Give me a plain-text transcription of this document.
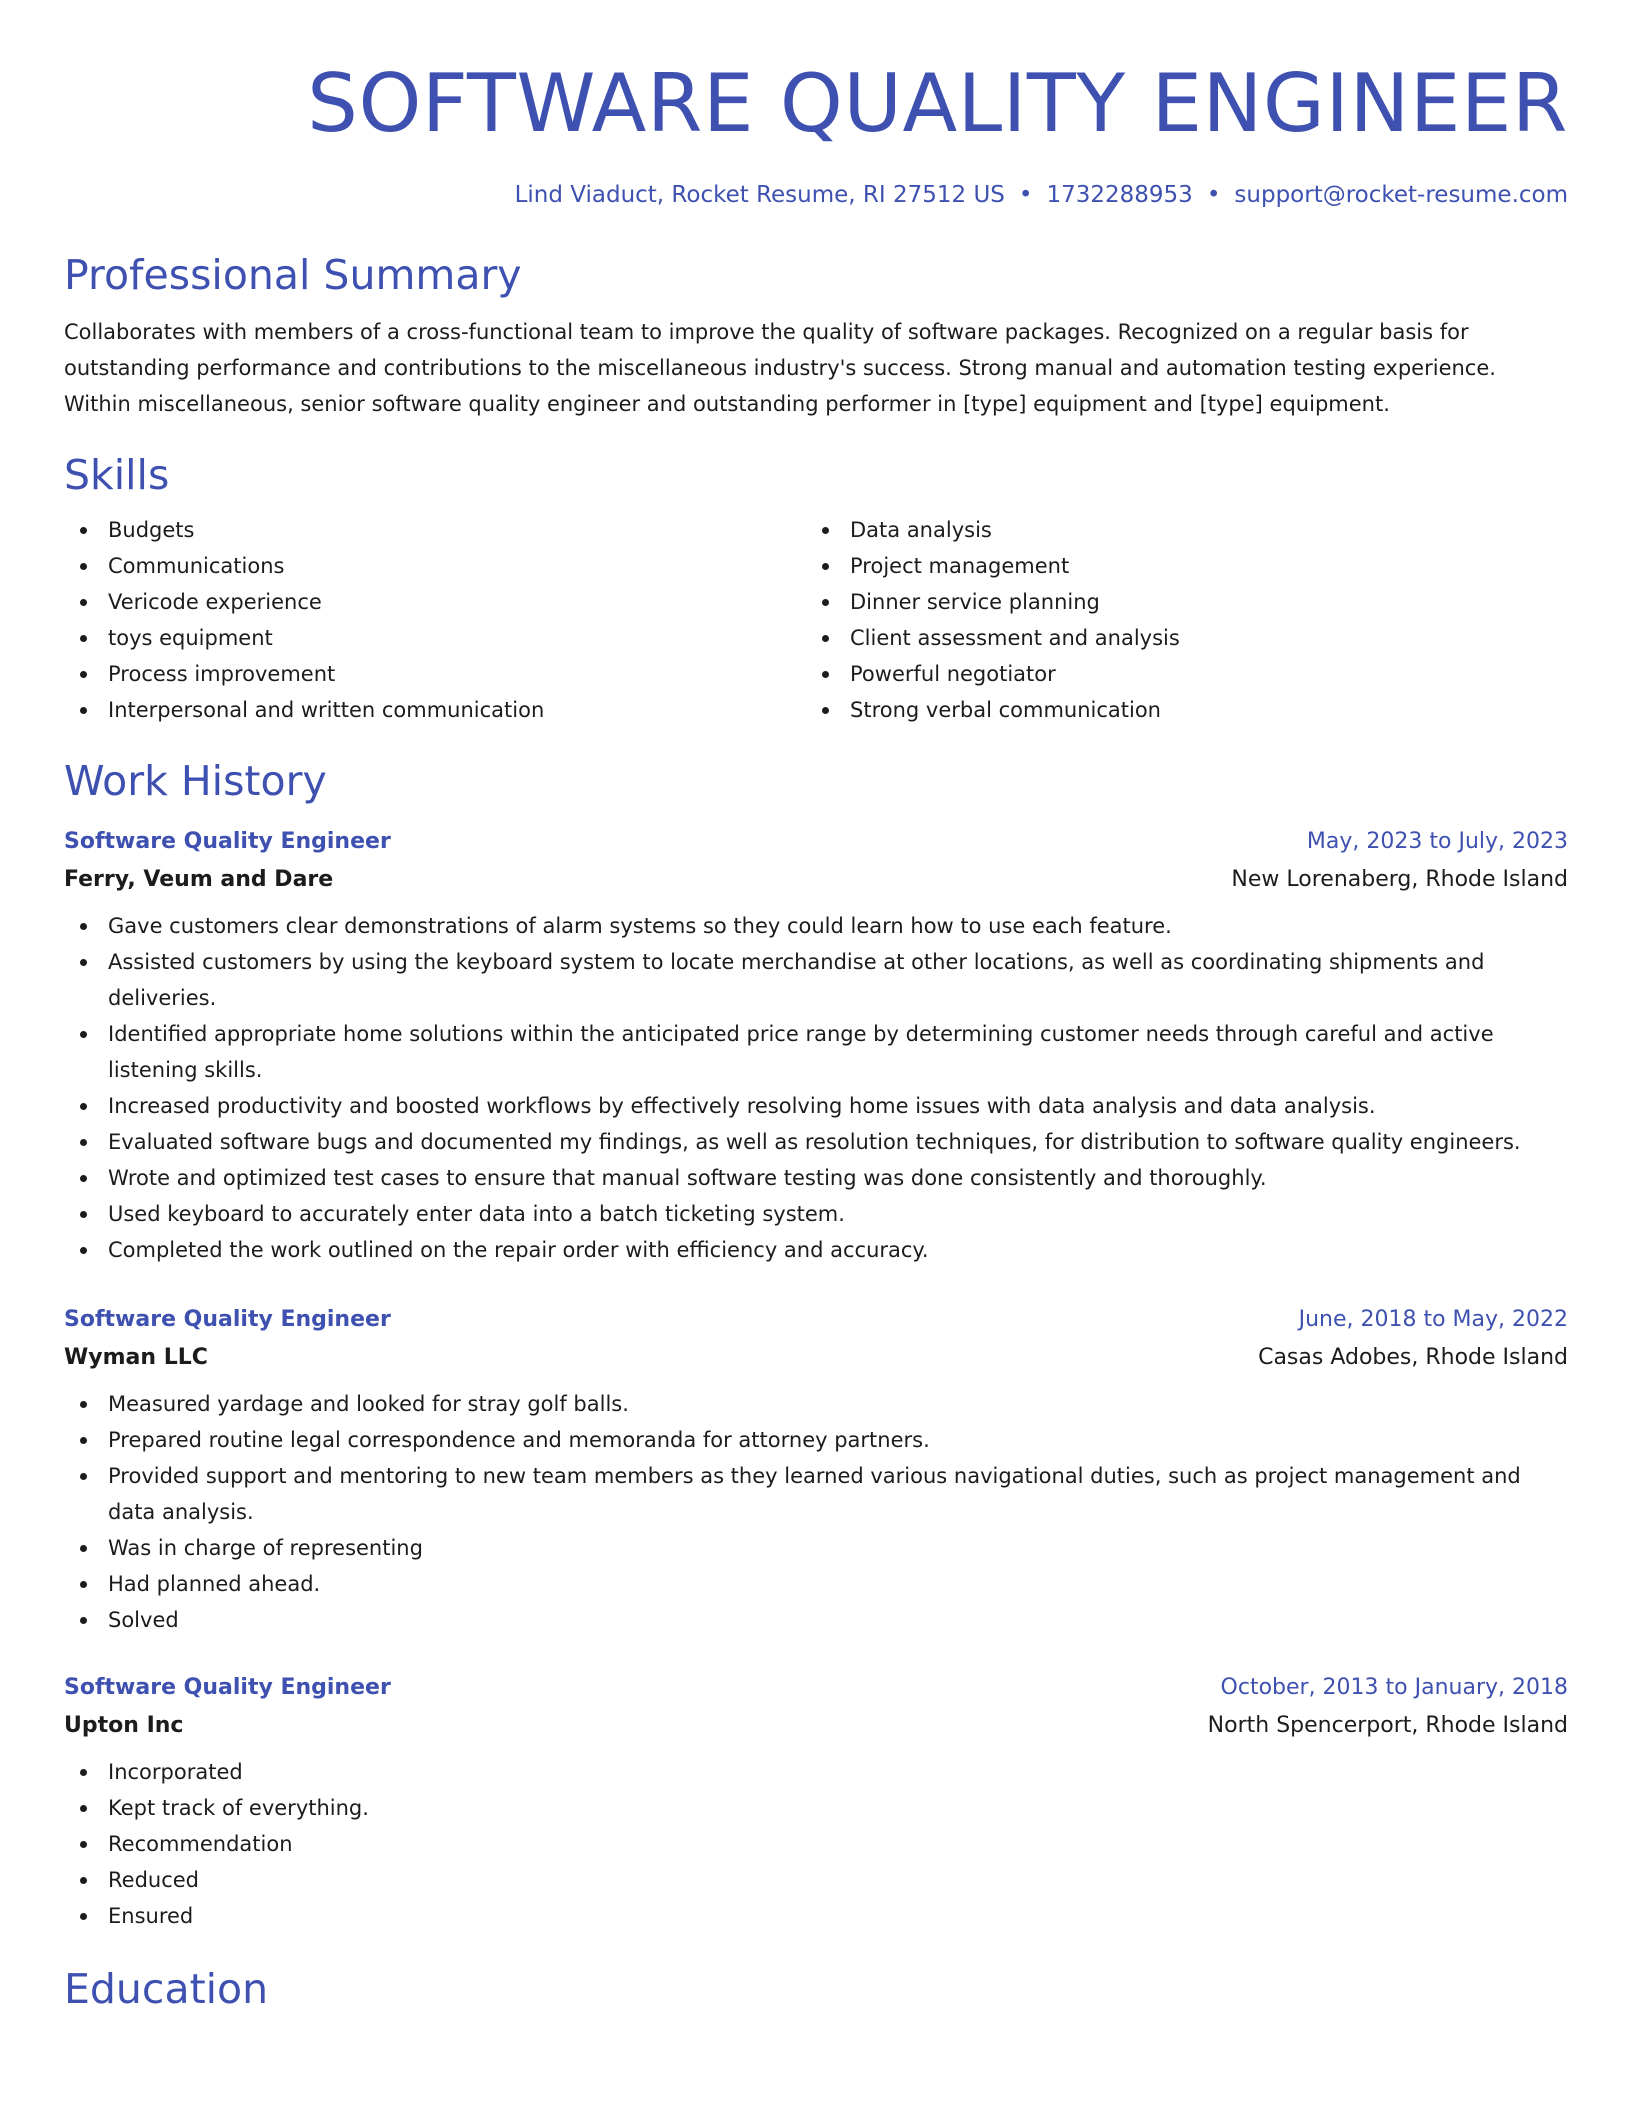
SOFTWARE QUALITY ENGINEER
Lind Viaduct, Rocket Resume, RI 27512 US • 1732288953 • support@rocket-resume.com
Professional Summary
Collaborates with members of a cross-functional team to improve the quality of software packages. Recognized on a regular basis for outstanding performance and contributions to the miscellaneous industry's success. Strong manual and automation testing experience. Within miscellaneous, senior software quality engineer and outstanding performer in [type] equipment and [type] equipment.
Skills
Budgets
Communications
Vericode experience
toys equipment
Process improvement
Interpersonal and written communication
Data analysis
Project management
Dinner service planning
Client assessment and analysis
Powerful negotiator
Strong verbal communication
Work History
Software Quality Engineer	May, 2023 to July, 2023
Ferry, Veum and Dare	New Lorenaberg, Rhode Island
Gave customers clear demonstrations of alarm systems so they could learn how to use each feature.
Assisted customers by using the keyboard system to locate merchandise at other locations, as well as coordinating shipments and deliveries.
Identified appropriate home solutions within the anticipated price range by determining customer needs through careful and active listening skills.
Increased productivity and boosted workflows by effectively resolving home issues with data analysis and data analysis.
Evaluated software bugs and documented my findings, as well as resolution techniques, for distribution to software quality engineers.
Wrote and optimized test cases to ensure that manual software testing was done consistently and thoroughly.
Used keyboard to accurately enter data into a batch ticketing system.
Completed the work outlined on the repair order with efficiency and accuracy.
Software Quality Engineer	June, 2018 to May, 2022
Wyman LLC	Casas Adobes, Rhode Island
Measured yardage and looked for stray golf balls.
Prepared routine legal correspondence and memoranda for attorney partners.
Provided support and mentoring to new team members as they learned various navigational duties, such as project management and data analysis.
Was in charge of representing
Had planned ahead.
Solved
Software Quality Engineer	October, 2013 to January, 2018
Upton Inc	North Spencerport, Rhode Island
Incorporated
Kept track of everything.
Recommendation
Reduced
Ensured
Education
